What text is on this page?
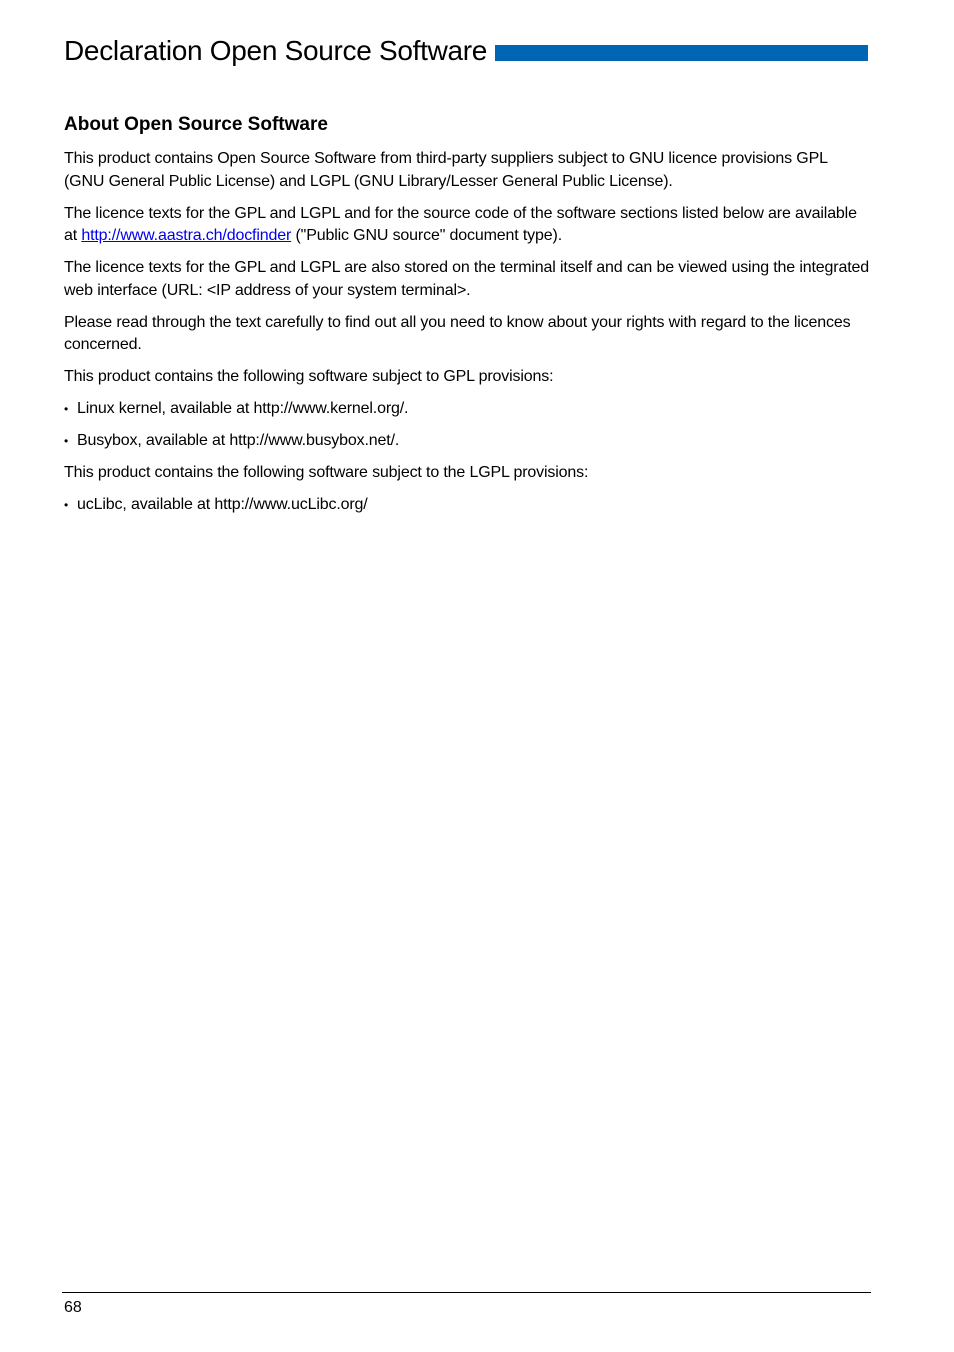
Declaration Open Source Software
About Open Source Software

This product contains Open Source Software from third-party suppliers subject to GNU licence provisions GPL (GNU General Public License) and LGPL (GNU Library/Lesser General Public License).

The licence texts for the GPL and LGPL and for the source code of the software sections listed below are available at http://www.aastra.ch/docfinder ("Public GNU source" document type).

The licence texts for the GPL and LGPL are also stored on the terminal itself and can be viewed using the integrated web interface (URL: <IP address of your system terminal>.

Please read through the text carefully to find out all you need to know about your rights with regard to the licences concerned.

This product contains the following software subject to GPL provisions:

• Linux kernel, available at http://www.kernel.org/.
• Busybox, available at http://www.busybox.net/.

This product contains the following software subject to the LGPL provisions:

• ucLibc, available at http://www.ucLibc.org/
68
